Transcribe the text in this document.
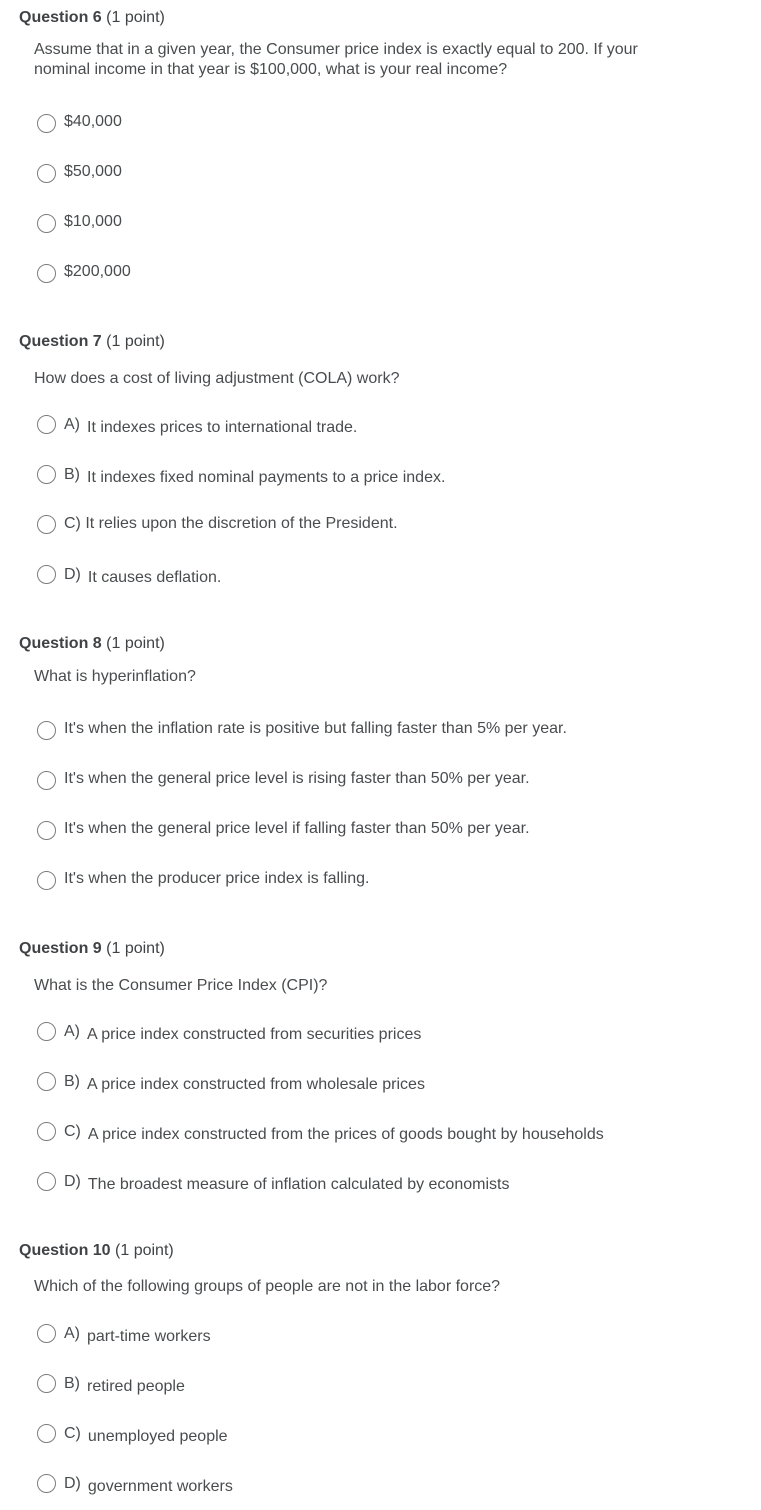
Question 6 (1 point)
Assume that in a given year, the Consumer price index is exactly equal to 200. If your
nominal income in that year is $100,000, what is your real income?
$40,000
$50,000
$10,000
$200,000
Question 7 (1 point)
How does a cost of living adjustment (COLA) work?
A) It indexes prices to international trade.
B) It indexes fixed nominal payments to a price index.
C) It relies upon the discretion of the President.
D) It causes deflation.
Question 8 (1 point)
What is hyperinflation?
It's when the inflation rate is positive but falling faster than 5% per year.
It's when the general price level is rising faster than 50% per year.
It's when the general price level if falling faster than 50% per year.
It's when the producer price index is falling.
Question 9 (1 point)
What is the Consumer Price Index (CPI)?
A) A price index constructed from securities prices
B) A price index constructed from wholesale prices
C) A price index constructed from the prices of goods bought by households
D) The broadest measure of inflation calculated by economists
Question 10 (1 point)
Which of the following groups of people are not in the labor force?
A) part-time workers
B) retired people
C) unemployed people
D) government workers
